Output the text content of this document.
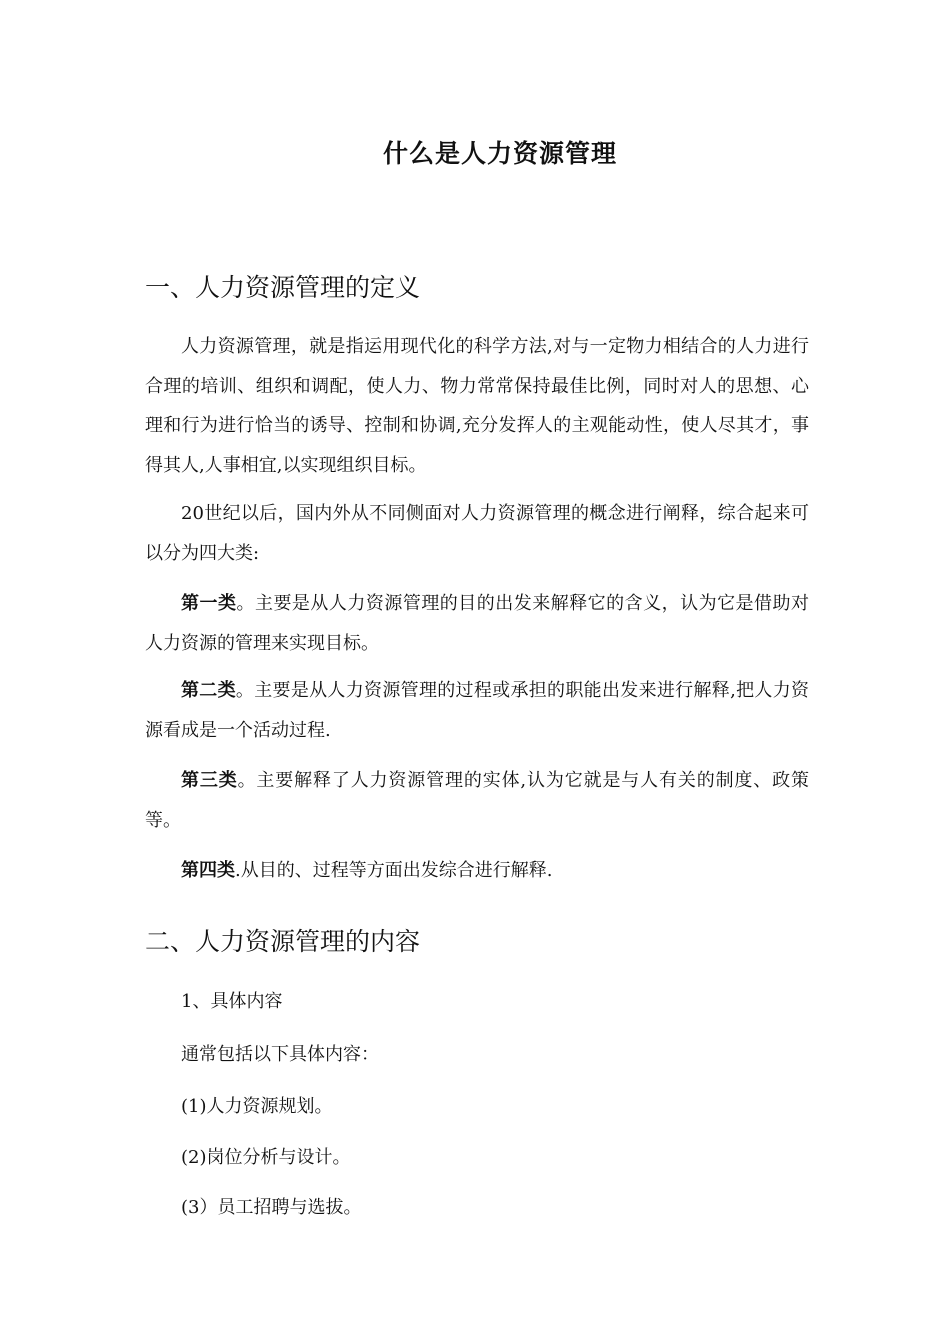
什么是人力资源管理
一、人力资源管理的定义

人力资源管理，就是指运用现代化的科学方法,对与一定物力相结合的人力进行合理的培训、组织和调配，使人力、物力常常保持最佳比例，同时对人的思想、心理和行为进行恰当的诱导、控制和协调,充分发挥人的主观能动性，使人尽其才，事得其人,人事相宜,以实现组织目标。

20世纪以后，国内外从不同侧面对人力资源管理的概念进行阐释，综合起来可以分为四大类:

第一类。主要是从人力资源管理的目的出发来解释它的含义，认为它是借助对人力资源的管理来实现目标。

第二类。主要是从人力资源管理的过程或承担的职能出发来进行解释,把人力资源看成是一个活动过程.

第三类。主要解释了人力资源管理的实体,认为它就是与人有关的制度、政策等。

第四类.从目的、过程等方面出发综合进行解释.

二、人力资源管理的内容

1、具体内容

通常包括以下具体内容：

(1)人力资源规划。

(2)岗位分析与设计。

(3）员工招聘与选拔。
